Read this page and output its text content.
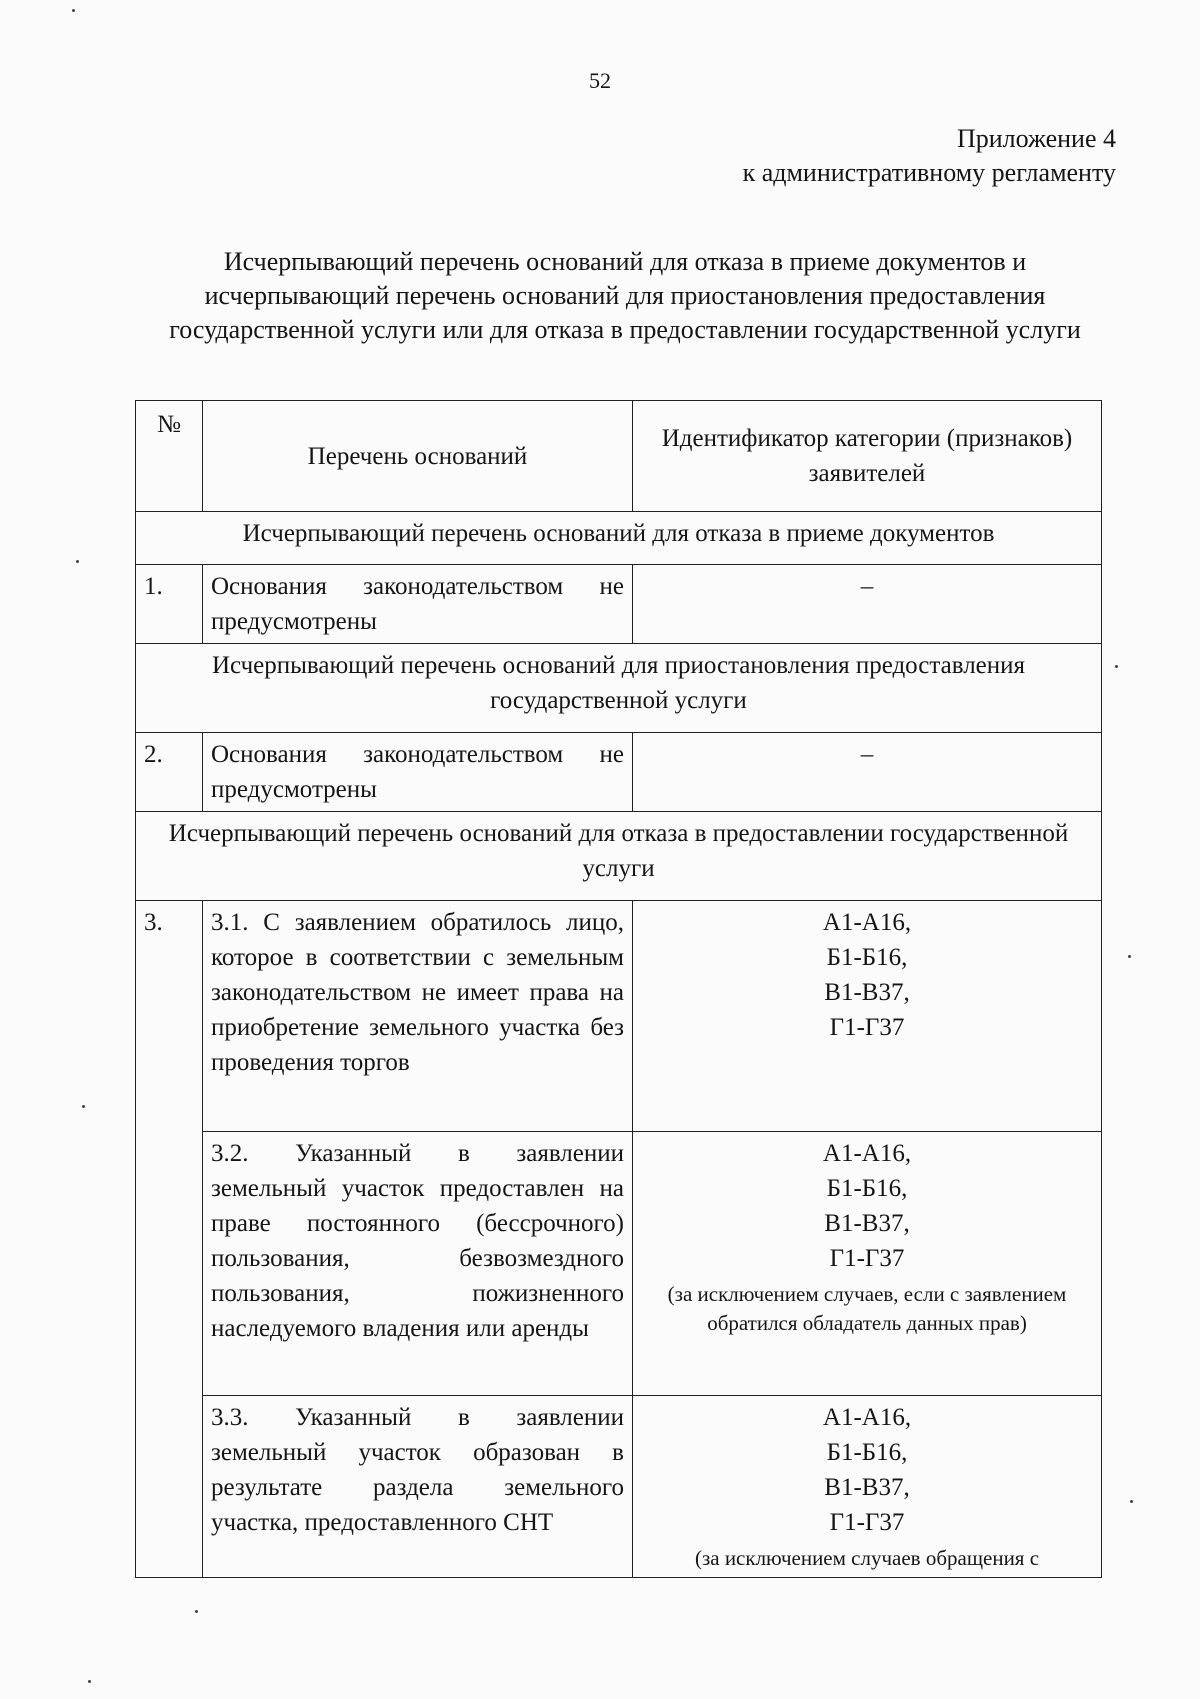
52
Приложение 4
к административному регламенту
Исчерпывающий перечень оснований для отказа в приеме документов и исчерпывающий перечень оснований для приостановления предоставления государственной услуги или для отказа в предоставлении государственной услуги
№	Перечень оснований	Идентификатор категории (признаков) заявителей
Исчерпывающий перечень оснований для отказа в приеме документов		
1.	Основания законодательством не предусмотрены	–
Исчерпывающий перечень оснований для приостановления предоставления государственной услуги		
2.	Основания законодательством не предусмотрены	–
Исчерпывающий перечень оснований для отказа в предоставлении государственной услуги		
3.	3.1. С заявлением обратилось лицо, которое в соответствии с земельным законодательством не имеет права на приобретение земельного участка без проведения торгов	А1-А16,
Б1-Б16,
В1-В37,
Г1-Г37

	3.2. Указанный в заявлении земельный участок предоставлен на праве постоянного (бессрочного) пользования, безвозмездного пользования, пожизненного наследуемого владения или аренды	А1-А16,
Б1-Б16,
В1-В37,
Г1-Г37
(за исключением случаев, если с заявлением обратился обладатель данных прав)

	3.3. Указанный в заявлении земельный участок образован в результате раздела земельного участка, предоставленного СНТ	А1-А16,
Б1-Б16,
В1-В37,
Г1-Г37
(за исключением случаев обращения с
